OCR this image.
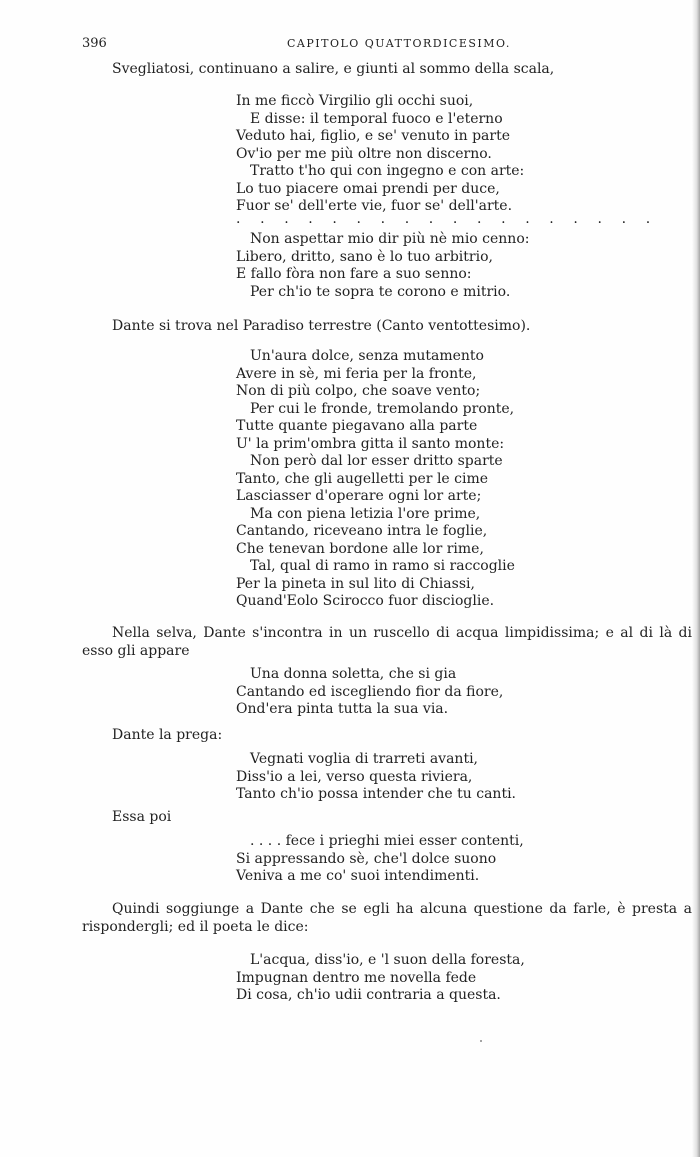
396	CAPITOLO QUATTORDICESIMO.
Svegliatosi, continuano a salire, e giunti al sommo della scala,
In me ficcò Virgilio gli occhi suoi,
E disse: il temporal fuoco e l'eterno
Veduto hai, figlio, e se' venuto in parte
Ov'io per me più oltre non discerno.
Tratto t'ho qui con ingegno e con arte:
Lo tuo piacere omai prendi per duce,
Fuor se' dell'erte vie, fuor se' dell'arte.
. . . . . . . . . . . . . . . . . .
Non aspettar mio dir più nè mio cenno:
Libero, dritto, sano è lo tuo arbitrio,
E fallo fòra non fare a suo senno:
Per ch'io te sopra te corono e mitrio.
Dante si trova nel Paradiso terrestre (Canto ventottesimo).
Un'aura dolce, senza mutamento
Avere in sè, mi feria per la fronte,
Non di più colpo, che soave vento;
Per cui le fronde, tremolando pronte,
Tutte quante piegavano alla parte
U' la prim'ombra gitta il santo monte:
Non però dal lor esser dritto sparte
Tanto, che gli augelletti per le cime
Lasciasser d'operare ogni lor arte;
Ma con piena letizia l'ore prime,
Cantando, riceveano intra le foglie,
Che tenevan bordone alle lor rime,
Tal, qual di ramo in ramo si raccoglie
Per la pineta in sul lito di Chiassi,
Quand'Eolo Scirocco fuor discioglie.
Nella selva, Dante s'incontra in un ruscello di acqua limpidissima; e al di là di esso gli appare
Una donna soletta, che si gia
Cantando ed iscegliendo fior da fiore,
Ond'era pinta tutta la sua via.
Dante la prega:
Vegnati voglia di trarreti avanti,
Diss'io a lei, verso questa riviera,
Tanto ch'io possa intender che tu canti.
Essa poi
. . . . fece i prieghi miei esser contenti,
Si appressando sè, che'l dolce suono
Veniva a me co' suoi intendimenti.
Quindi soggiunge a Dante che se egli ha alcuna questione da farle, è presta a rispondergli; ed il poeta le dice:
L'acqua, diss'io, e 'l suon della foresta,
Impugnan dentro me novella fede
Di cosa, ch'io udii contraria a questa.
